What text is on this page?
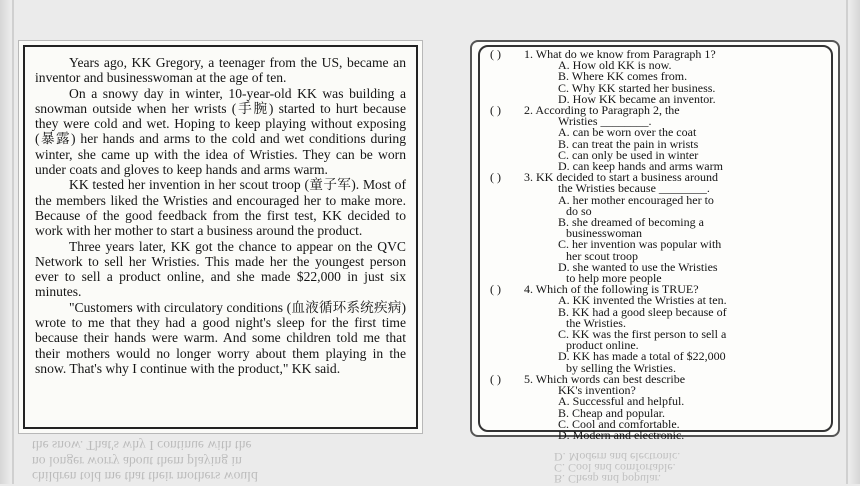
Years ago, KK Gregory, a teenager from the US, became an inventor and businesswoman at the age of ten.

On a snowy day in winter, 10-year-old KK was building a snowman outside when her wrists (手腕) started to hurt because they were cold and wet. Hoping to keep playing without exposing (暴露) her hands and arms to the cold and wet conditions during winter, she came up with the idea of Wristies. They can be worn under coats and gloves to keep hands and arms warm.

KK tested her invention in her scout troop (童子军). Most of the members liked the Wristies and encouraged her to make more. Because of the good feedback from the first test, KK decided to work with her mother to start a business around the product.

Three years later, KK got the chance to appear on the QVC Network to sell her Wristies. This made her the youngest person ever to sell a product online, and she made $22,000 in just six minutes.

"Customers with circulatory conditions (血液循环系统疾病) wrote to me that they had a good night's sleep for the first time because their hands were warm. And some children told me that their mothers would no longer worry about them playing in the snow. That's why I continue with the product," KK said.

( ) 1. What do we know from Paragraph 1?
A. How old KK is now.
B. Where KK comes from.
C. Why KK started her business.
D. How KK became an inventor.
( ) 2. According to Paragraph 2, the
Wristies ________.
A. can be worn over the coat
B. can treat the pain in wrists
C. can only be used in winter
D. can keep hands and arms warm
( ) 3. KK decided to start a business around
the Wristies because ________.
A. her mother encouraged her to
do so
B. she dreamed of becoming a
businesswoman
C. her invention was popular with
her scout troop
D. she wanted to use the Wristies
to help more people
( ) 4. Which of the following is TRUE?
A. KK invented the Wristies at ten.
B. KK had a good sleep because of
the Wristies.
C. KK was the first person to sell a
product online.
D. KK has made a total of $22,000
by selling the Wristies.
( ) 5. Which words can best describe
KK's invention?
A. Successful and helpful.
B. Cheap and popular.
C. Cool and comfortable.
D. Modern and electronic.

children told me that their mothers would

no longer worry about them playing in

the snow. That's why I continue with the

B. Cheap and popular.
C. Cool and comfortable.
D. Modern and electronic.
